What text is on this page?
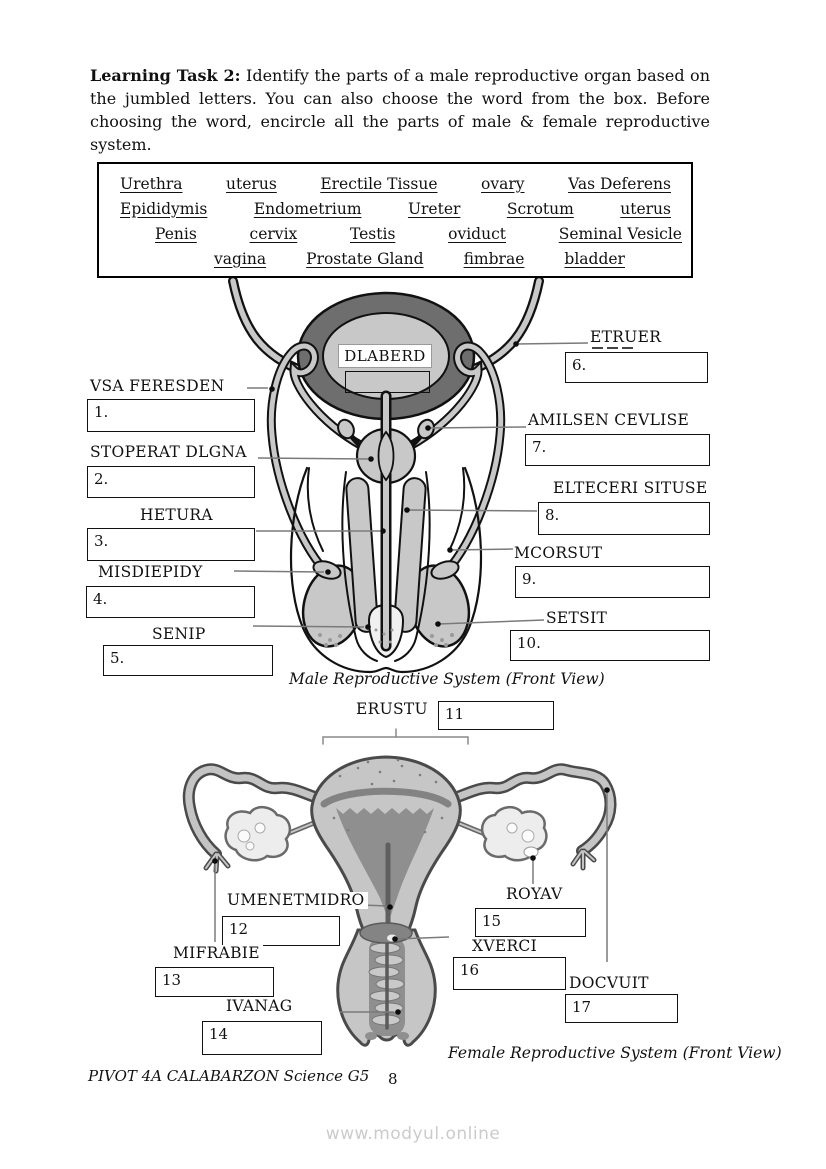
Learning Task 2: Identify the parts of a male reproductive organ based on the jumbled letters. You can also choose the word from the box. Before choosing the word, encircle all the parts of male & female reproductive system.
Urethra	uterus	Erectile Tissue	ovary	Vas Deferens
Epididymis	Endometrium	Ureter	Scrotum	uterus
Penis	cervix	Testis	oviduct	Seminal Vesicle
vagina	Prostate Gland	fimbrae	bladder
VSA FERESDEN
1.
STOPERAT DLGNA
2.
HETURA
3.
MISDIEPIDY
4.
SENIP
5.
ETRUER
6.
AMILSEN CEVLISE
7.
ELTECERI SITUSE
8.
MCORSUT
9.
SETSIT
10.
DLABERD
Male Reproductive System (Front View)
ERUSTU	11
UMENETMIDRO
12
MIFRABIE
13
IVANAG
14
ROYAV
15
XVERCI
16
DOCVUIT
17
Female Reproductive System (Front View)
PIVOT 4A CALABARZON Science G5 8
www.modyul.online
